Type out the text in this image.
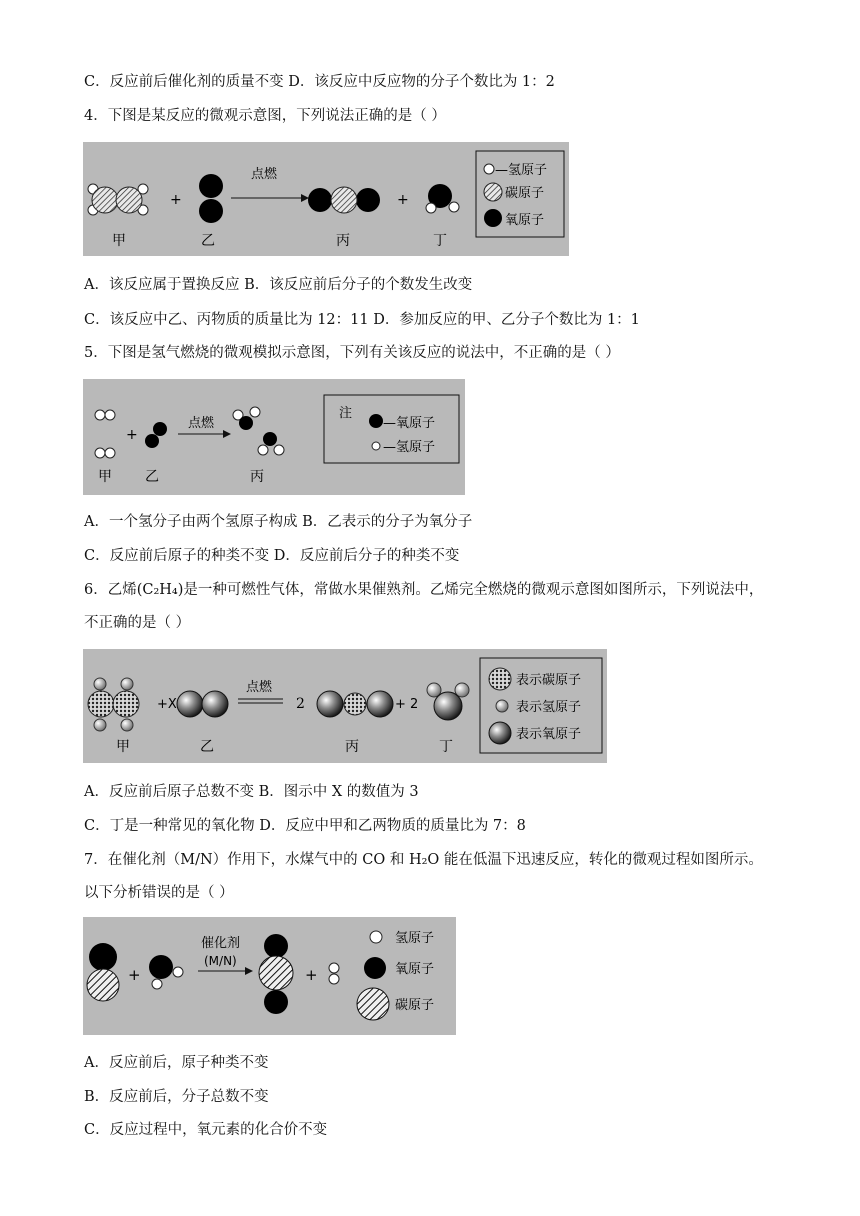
C．反应前后催化剂的质量不变 D．该反应中反应物的分子个数比为 1：2
4．下图是某反应的微观示意图，下列说法正确的是（ ）
+
点燃
+
甲	乙	丙	丁
—氢原子
碳原子
氧原子
A．该反应属于置换反应 B．该反应前后分子的个数发生改变
C．该反应中乙、丙物质的质量比为 12：11 D．参加反应的甲、乙分子个数比为 1：1
5．下图是氢气燃烧的微观模拟示意图，下列有关该反应的说法中，不正确的是（ ）
+
点燃
甲 乙	丙
注
—氧原子
—氢原子
A．一个氢分子由两个氢原子构成 B．乙表示的分子为氧分子
C．反应前后原子的种类不变 D．反应前后分子的种类不变
6．乙烯(C₂H₄)是一种可燃性气体，常做水果催熟剂。乙烯完全燃烧的微观示意图如图所示，下列说法中，
不正确的是（ ）
+X
点燃
2	+ 2
甲	乙	丙	丁
表示碳原子
表示氢原子
表示氧原子
A．反应前后原子总数不变 B．图示中 X 的数值为 3
C．丁是一种常见的氧化物 D．反应中甲和乙两物质的质量比为 7：8
7．在催化剂（M/N）作用下，水煤气中的 CO 和 H₂O 能在低温下迅速反应，转化的微观过程如图所示。
以下分析错误的是（ ）
+
催化剂
(M/N)
+
氢原子
氧原子
碳原子
A．反应前后，原子种类不变
B．反应前后，分子总数不变
C．反应过程中，氧元素的化合价不变
